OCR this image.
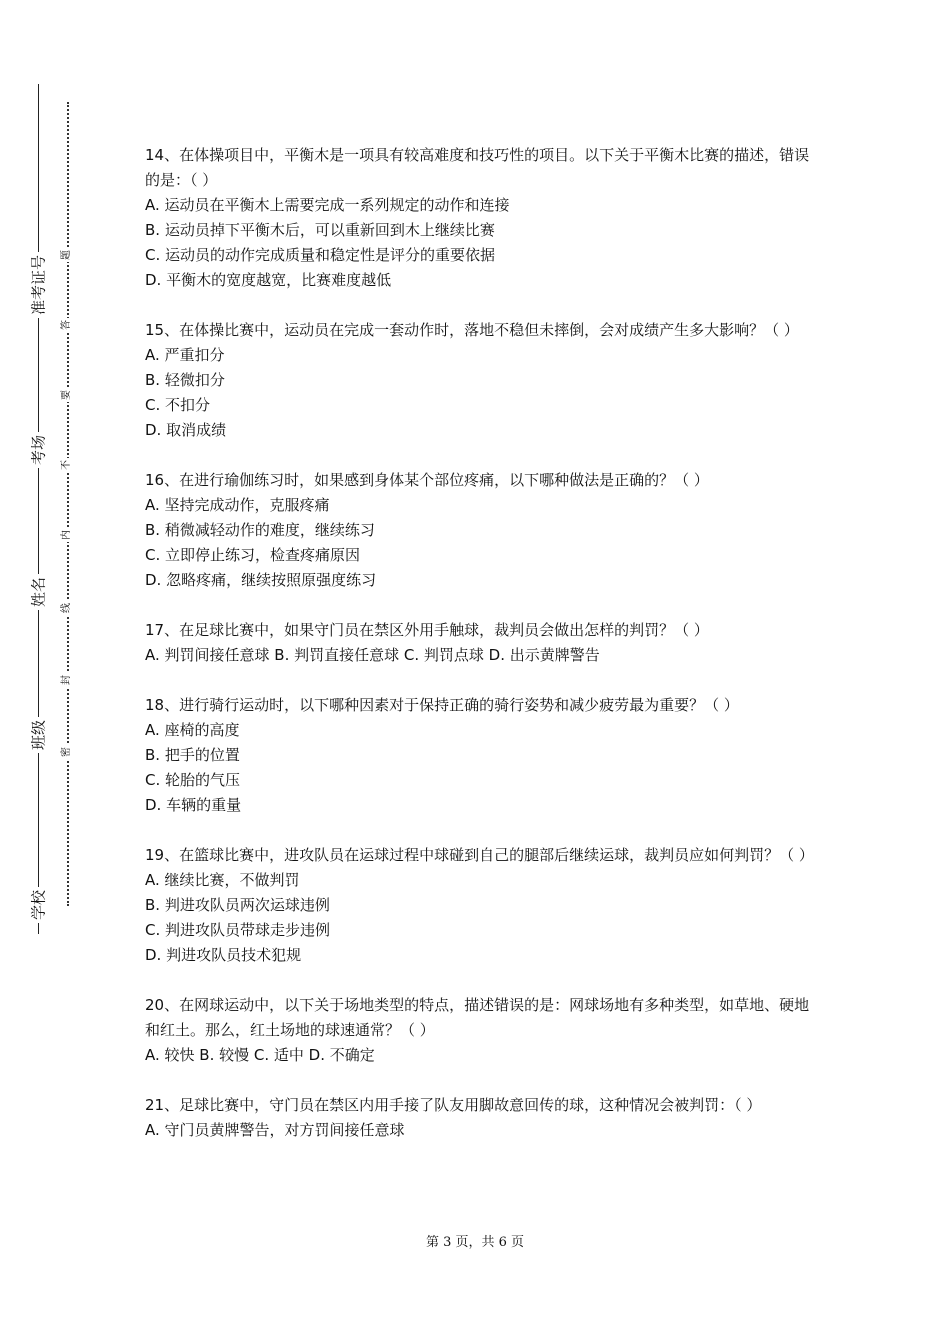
准考证号
考场
姓名
班级
学校
题
答
要
不
内
线
封
密

14、在体操项目中，平衡木是一项具有较高难度和技巧性的项目。以下关于平衡木比赛的描述，错误的是：（ ）

A. 运动员在平衡木上需要完成一系列规定的动作和连接

B. 运动员掉下平衡木后，可以重新回到木上继续比赛

C. 运动员的动作完成质量和稳定性是评分的重要依据

D. 平衡木的宽度越宽，比赛难度越低

15、在体操比赛中，运动员在完成一套动作时，落地不稳但未摔倒，会对成绩产生多大影响？（ ）

A. 严重扣分

B. 轻微扣分

C. 不扣分

D. 取消成绩

16、在进行瑜伽练习时，如果感到身体某个部位疼痛，以下哪种做法是正确的？（ ）

A. 坚持完成动作，克服疼痛

B. 稍微减轻动作的难度，继续练习

C. 立即停止练习，检查疼痛原因

D. 忽略疼痛，继续按照原强度练习

17、在足球比赛中，如果守门员在禁区外用手触球，裁判员会做出怎样的判罚？（ ）

A. 判罚间接任意球 B. 判罚直接任意球 C. 判罚点球 D. 出示黄牌警告

18、进行骑行运动时，以下哪种因素对于保持正确的骑行姿势和减少疲劳最为重要？（ ）

A. 座椅的高度

B. 把手的位置

C. 轮胎的气压

D. 车辆的重量

19、在篮球比赛中，进攻队员在运球过程中球碰到自己的腿部后继续运球，裁判员应如何判罚？（ ）

A. 继续比赛，不做判罚

B. 判进攻队员两次运球违例

C. 判进攻队员带球走步违例

D. 判进攻队员技术犯规

20、在网球运动中，以下关于场地类型的特点，描述错误的是：网球场地有多种类型，如草地、硬地和红土。那么，红土场地的球速通常？（ ）

A. 较快 B. 较慢 C. 适中 D. 不确定

21、足球比赛中，守门员在禁区内用手接了队友用脚故意回传的球，这种情况会被判罚：（ ）

A. 守门员黄牌警告，对方罚间接任意球

第 3 页，共 6 页
